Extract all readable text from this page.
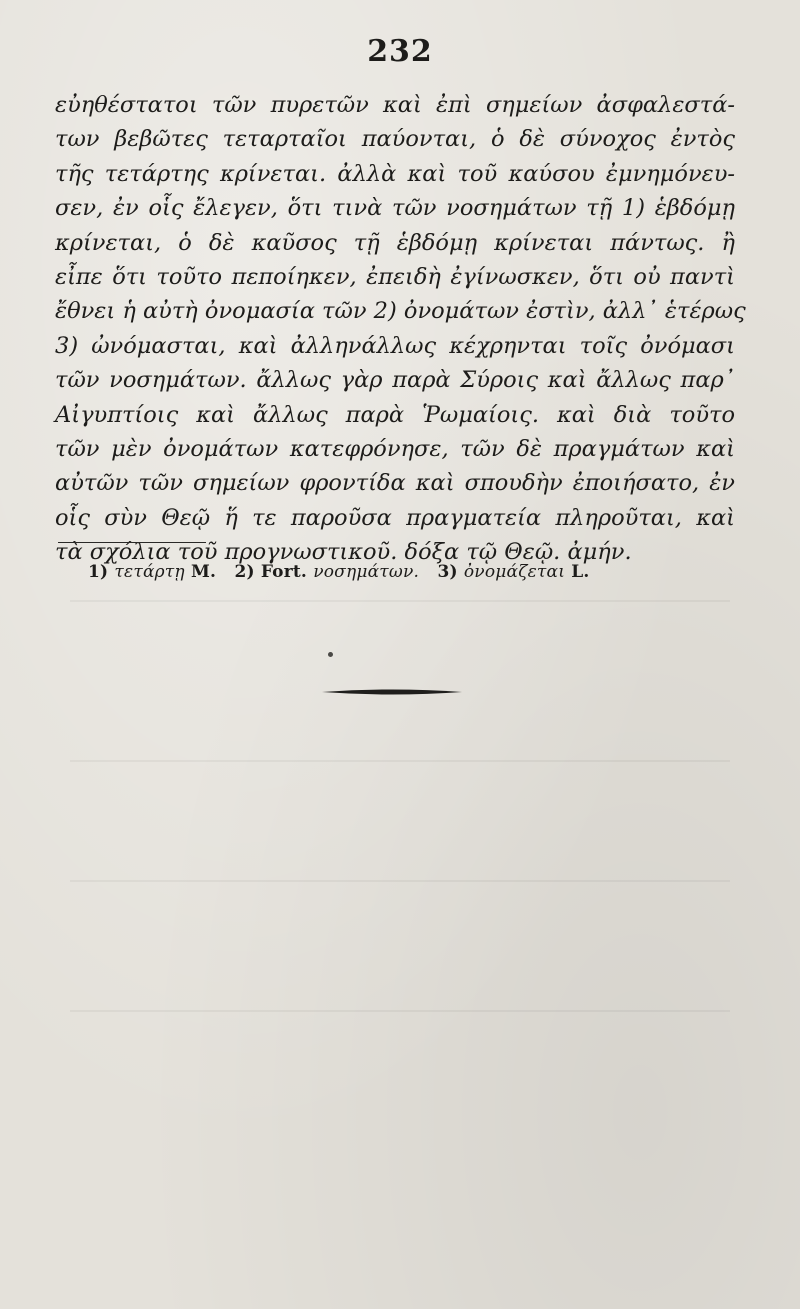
232
εὐηθέστατοι τῶν πυρετῶν καὶ ἐπὶ σημείων ἀσφαλεστά-
των βεβῶτες τεταρταῖοι παύονται, ὁ δὲ σύνοχος ἐντὸς
τῆς τετάρτης κρίνεται. ἀλλὰ καὶ τοῦ καύσου ἐμνημόνευ-
σεν, ἐν οἷς ἔλεγεν, ὅτι τινὰ τῶν νοσημάτων τῇ 1) ἑβδόμῃ
κρίνεται, ὁ δὲ καῦσος τῇ ἑβδόμῃ κρίνεται πάντως. ἢ
εἶπε ὅτι τοῦτο πεποίηκεν, ἐπειδὴ ἐγίνωσκεν, ὅτι οὐ παντὶ
ἔθνει ἡ αὐτὴ ὀνομασία τῶν 2) ὀνομάτων ἐστὶν, ἀλλ᾽ ἑτέρως
3) ὠνόμασται, καὶ ἀλληνάλλως κέχρηνται τοῖς ὀνόμασι
τῶν νοσημάτων. ἄλλως γὰρ παρὰ Σύροις καὶ ἄλλως παρ᾽
Αἰγυπτίοις καὶ ἄλλως παρὰ Ῥωμαίοις. καὶ διὰ τοῦτο
τῶν μὲν ὀνομάτων κατεφρόνησε, τῶν δὲ πραγμάτων καὶ
αὐτῶν τῶν σημείων φροντίδα καὶ σπουδὴν ἐποιήσατο, ἐν
οἷς σὺν Θεῷ ἥ τε παροῦσα πραγματεία πληροῦται, καὶ
τὰ σχόλια τοῦ προγνωστικοῦ. δόξα τῷ Θεῷ. ἀμήν.
1) τετάρτῃ M. 2) Fort. νοσημάτων. 3) ὀνομάζεται L.
